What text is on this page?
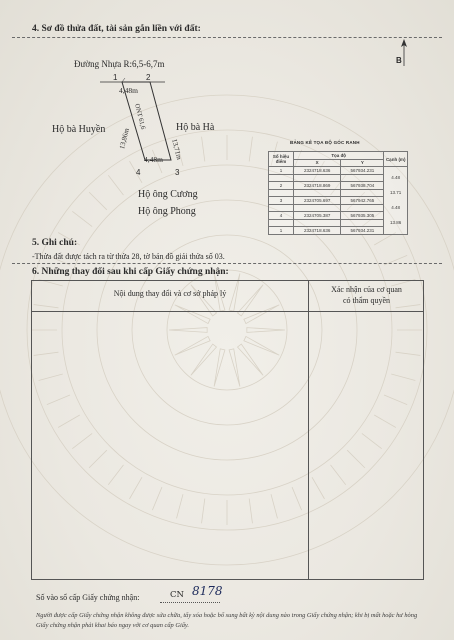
4. Sơ đồ thửa đất, tài sản gắn liền với đất:
Đường Nhựa R:6,5-6,7m	B
1	2
3
4
4,48m
4,48m
13,86m	13,71m
ONT 61,6
Hộ bà Huyền	Hộ bà Hà
Hộ ông Cương
Hộ ông Phong
BẢNG KÊ TỌA ĐỘ GÓC RANH
Số hiệu điểm	Tọa độ		Cạnh (m)
	X	Y	
1	2324718.636	567934.231	
			4.48
2	2324718.869	567938.704	
			13.71
3	2324705.697	567942.765	
			4.48
4	2324705.387	567935.305	
			13.86
1	2324718.636	567934.231	
5. Ghi chú:
-Thửa đất được tách ra từ thửa 28, tờ bản đồ giải thửa số 03.
6. Những thay đổi sau khi cấp Giấy chứng nhận:
Nội dung thay đổi và cơ sở pháp lý	Xác nhận của cơ quan
có thẩm quyền
Số vào sổ cấp Giấy chứng nhận:	CN 8178
Người được cấp Giấy chứng nhận không được sửa chữa, tẩy xóa hoặc bổ sung bất kỳ nội dung nào trong Giấy chứng nhận; khi bị mất hoặc hư hỏng Giấy chứng nhận phải khai báo ngay với cơ quan cấp Giấy.
